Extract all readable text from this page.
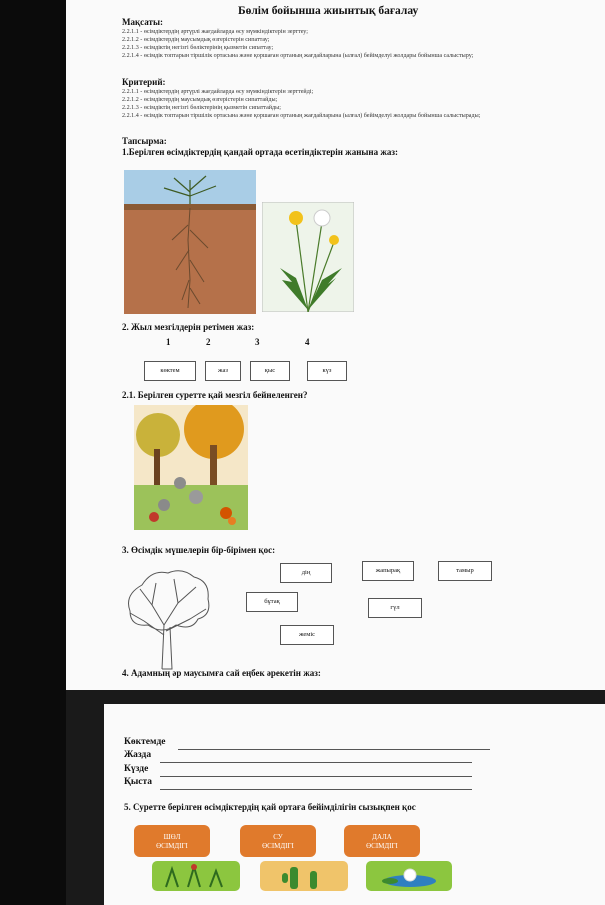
Бөлім бойынша жиынтық бағалау
Мақсаты:
2.2.1.1 - өсімдіктердің әртүрлі жағдайларда өсу мүмкіндіктерін зерттеу;
2.2.1.2 - өсімдіктердің маусымдық өзгерістерін сипаттау;
2.2.1.3 - өсімдіктің негізгі бөліктерінің қызметін сипаттау;
2.2.1.4 - өсімдік топтарын тіршілік ортасына және қоршаған ортаның жағдайларына (ылғал) бейімделуі жолдары бойынша салыстыру;
Критерий:
2.2.1.1 - өсімдіктердің әртүрлі жағдайларда өсу мүмкіндіктерін зерттейді;
2.2.1.2 - өсімдіктердің маусымдық өзгерістерін сипаттайды;
2.2.1.3 - өсімдіктің негізгі бөліктерінің қызметін сипаттайды;
2.2.1.4 - өсімдік топтарын тіршілік ортасына және қоршаған ортаның жағдайларына (ылғал) бейімделуі жолдары бойынша салыстырады;
Тапсырма:
1.Берілген өсімдіктердің қандай ортада өсетіндіктерін жанына жаз:
2. Жыл мезгілдерін ретімен жаз:
1	2	3	4
көктем	жаз	қыс	күз
2.1. Берілген суретте қай мезгіл бейнеленген?
3. Өсімдік мүшелерін бір-бірімен қос:
дің	жапырақ	тамыр
бұтақ
гүл
жеміс
4. Адамның әр маусымға сай еңбек әрекетін жаз:
Көктемде
Жазда
Күзде
Қыста
5. Суретте берілген өсімдіктердің қай ортаға бейімділігін сызықпен қос
ШӨЛ
ӨСІМДІГІ
СУ
ӨСІМДІГІ
ДАЛА
ӨСІМДІГІ
